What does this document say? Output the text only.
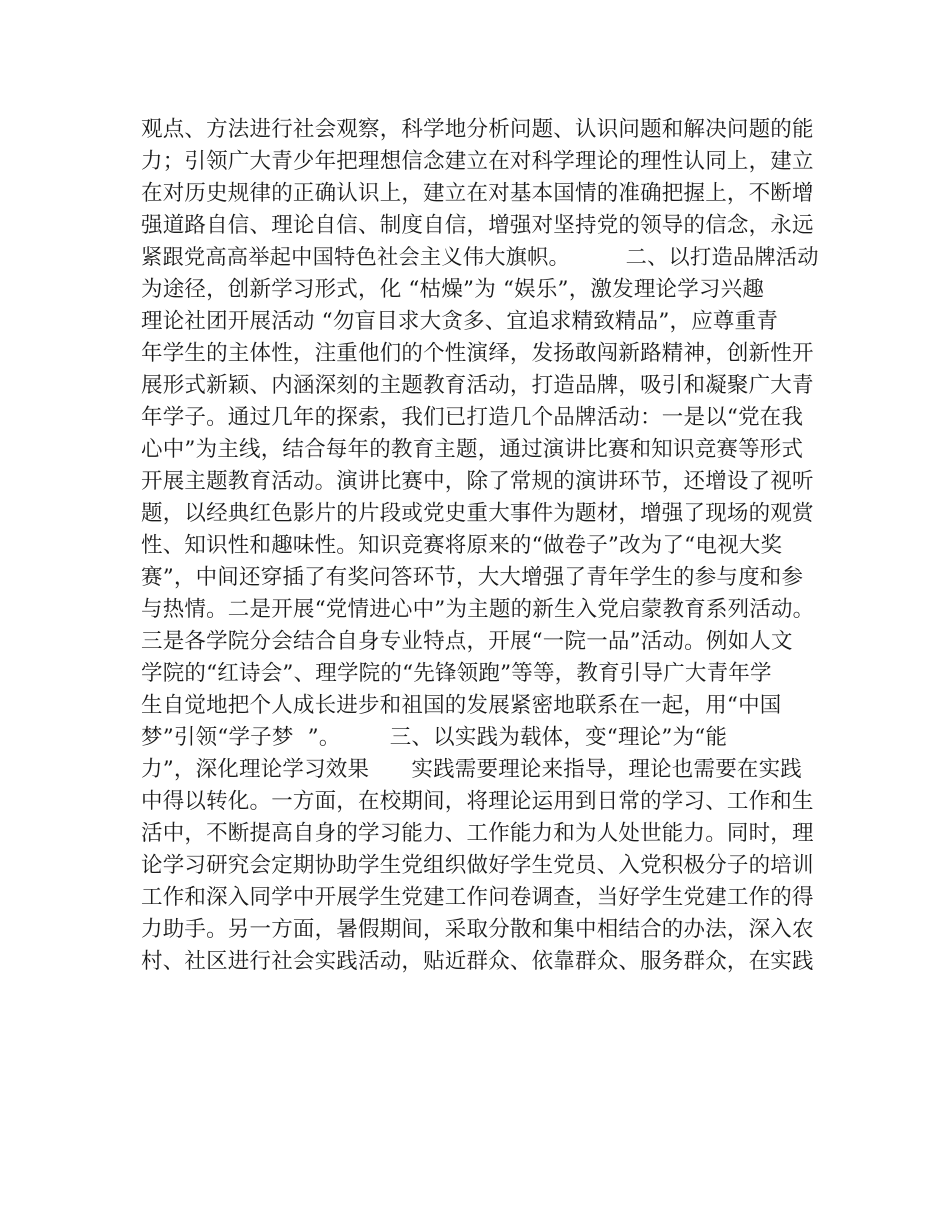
观点、方法进行社会观察，科学地分析问题、认识问题和解决问题的能
力；引领广大青少年把理想信念建立在对科学理论的理性认同上，建立
在对历史规律的正确认识上，建立在对基本国情的准确把握上，不断增
强道路自信、理论自信、制度自信，增强对坚持党的领导的信念，永远
紧跟党高高举起中国特色社会主义伟大旗帜。        二、以打造品牌活动
为途径，创新学习形式，化 “枯燥”为 “娱乐”，激发理论学习兴趣
理论社团开展活动 “勿盲目求大贪多、宜追求精致精品”，应尊重青
年学生的主体性，注重他们的个性演绎，发扬敢闯新路精神，创新性开
展形式新颖、内涵深刻的主题教育活动，打造品牌，吸引和凝聚广大青
年学子。通过几年的探索，我们已打造几个品牌活动：一是以“党在我
心中”为主线，结合每年的教育主题，通过演讲比赛和知识竞赛等形式
开展主题教育活动。演讲比赛中，除了常规的演讲环节，还增设了视听
题，以经典红色影片的片段或党史重大事件为题材，增强了现场的观赏
性、知识性和趣味性。知识竞赛将原来的“做卷子”改为了“电视大奖
赛”，中间还穿插了有奖问答环节，大大增强了青年学生的参与度和参
与热情。二是开展“党情进心中”为主题的新生入党启蒙教育系列活动。
三是各学院分会结合自身专业特点，开展“一院一品”活动。例如人文
学院的“红诗会”、理学院的“先锋领跑”等等，教育引导广大青年学
生自觉地把个人成长进步和祖国的发展紧密地联系在一起，用“中国
梦”引领“学子梦  ”。       三、以实践为载体，变“理论”为“能
力”，深化理论学习效果      实践需要理论来指导，理论也需要在实践
中得以转化。一方面，在校期间，将理论运用到日常的学习、工作和生
活中，不断提高自身的学习能力、工作能力和为人处世能力。同时，理
论学习研究会定期协助学生党组织做好学生党员、入党积极分子的培训
工作和深入同学中开展学生党建工作问卷调查，当好学生党建工作的得
力助手。另一方面，暑假期间，采取分散和集中相结合的办法，深入农
村、社区进行社会实践活动，贴近群众、依靠群众、服务群众，在实践
